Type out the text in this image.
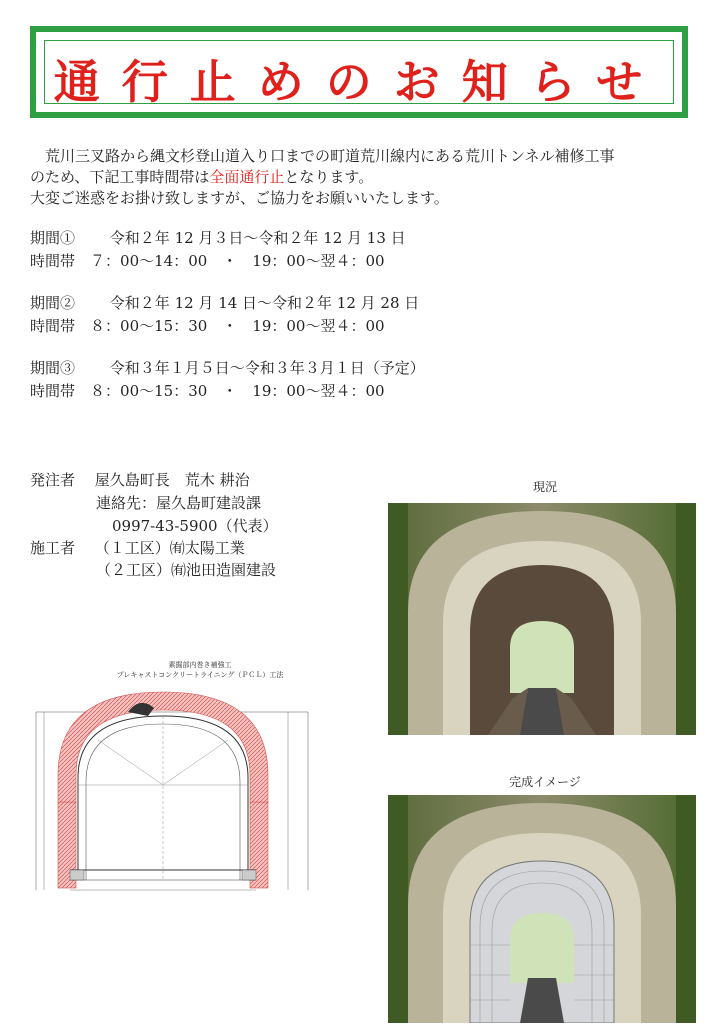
通行止めのお知らせ
　荒川三叉路から縄文杉登山道入り口までの町道荒川線内にある荒川トンネル補修工事
のため、下記工事時間帯は全面通行止となります。
大変ご迷惑をお掛け致しますが、ご協力をお願いいたします。
期間①　　 令和２年 12 月３日～令和２年 12 月 13 日
時間帯　 ７：00～14：00　・　19：00～翌４：00
期間②　　 令和２年 12 月 14 日～令和２年 12 月 28 日
時間帯　 ８：00～15：30　・　19：00～翌４：00
期間③　　 令和３年１月５日～令和３年３月１日（予定）
時間帯　 ８：00～15：30　・　19：00～翌４：00
発注者　 屋久島町長　荒木 耕治
連絡先：屋久島町建設課
0997-43-5900（代表）
施工者　 （１工区）㈲太陽工業
（２工区）㈲池田造園建設
現況
完成イメージ
素掘部内巻き補強工
プレキャストコンクリートライニング（ＰＣＬ）工法
